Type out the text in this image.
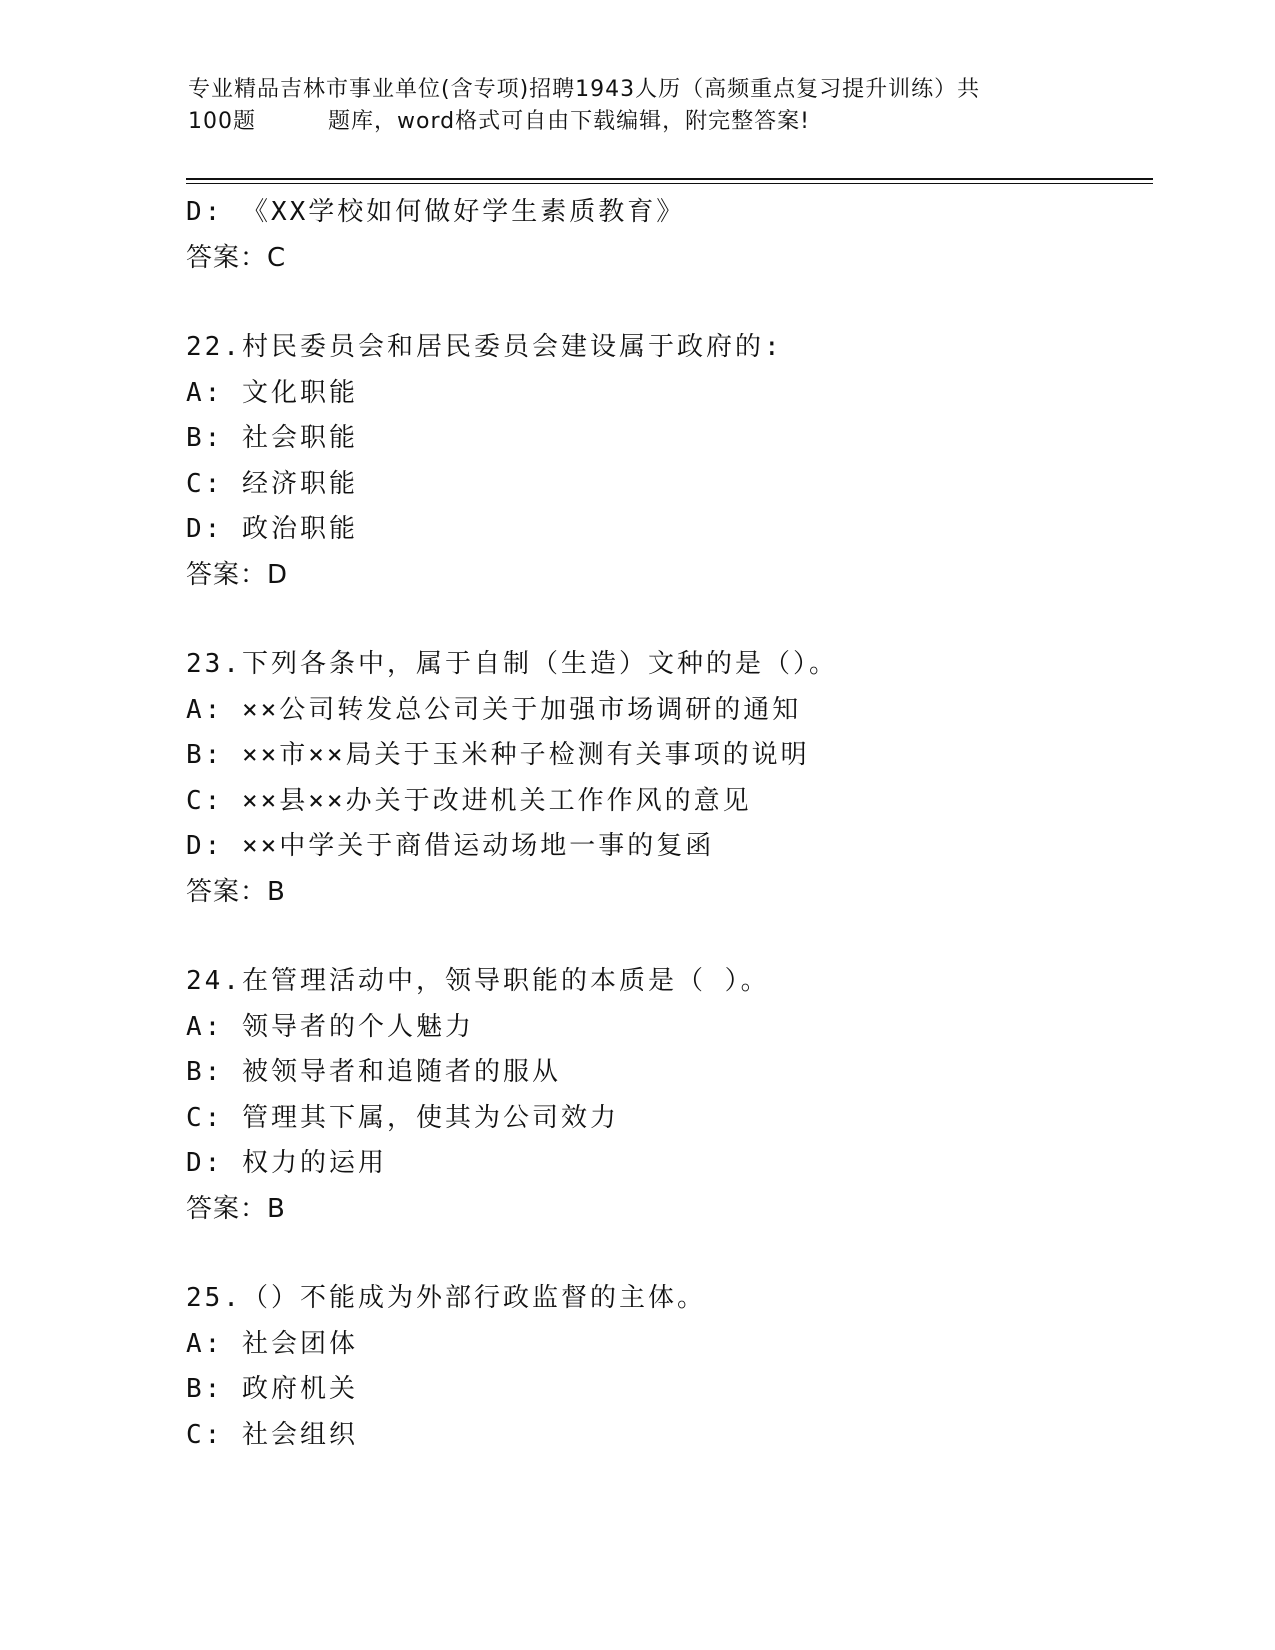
专业精品吉林市事业单位(含专项)招聘1943人历（高频重点复习提升训练）共
100题	题库，word格式可自由下载编辑，附完整答案!
D: 《XX学校如何做好学生素质教育》
答案：C
22.村民委员会和居民委员会建设属于政府的:
A: 文化职能
B: 社会职能
C: 经济职能
D: 政治职能
答案：D
23.下列各条中，属于自制（生造）文种的是（）。
A: ××公司转发总公司关于加强市场调研的通知
B: ××市××局关于玉米种子检测有关事项的说明
C: ××县××办关于改进机关工作作风的意见
D: ××中学关于商借运动场地一事的复函
答案：B
24.在管理活动中，领导职能的本质是（ ）。
A: 领导者的个人魅力
B: 被领导者和追随者的服从
C: 管理其下属，使其为公司效力
D: 权力的运用
答案：B
25.（）不能成为外部行政监督的主体。
A: 社会团体
B: 政府机关
C: 社会组织
